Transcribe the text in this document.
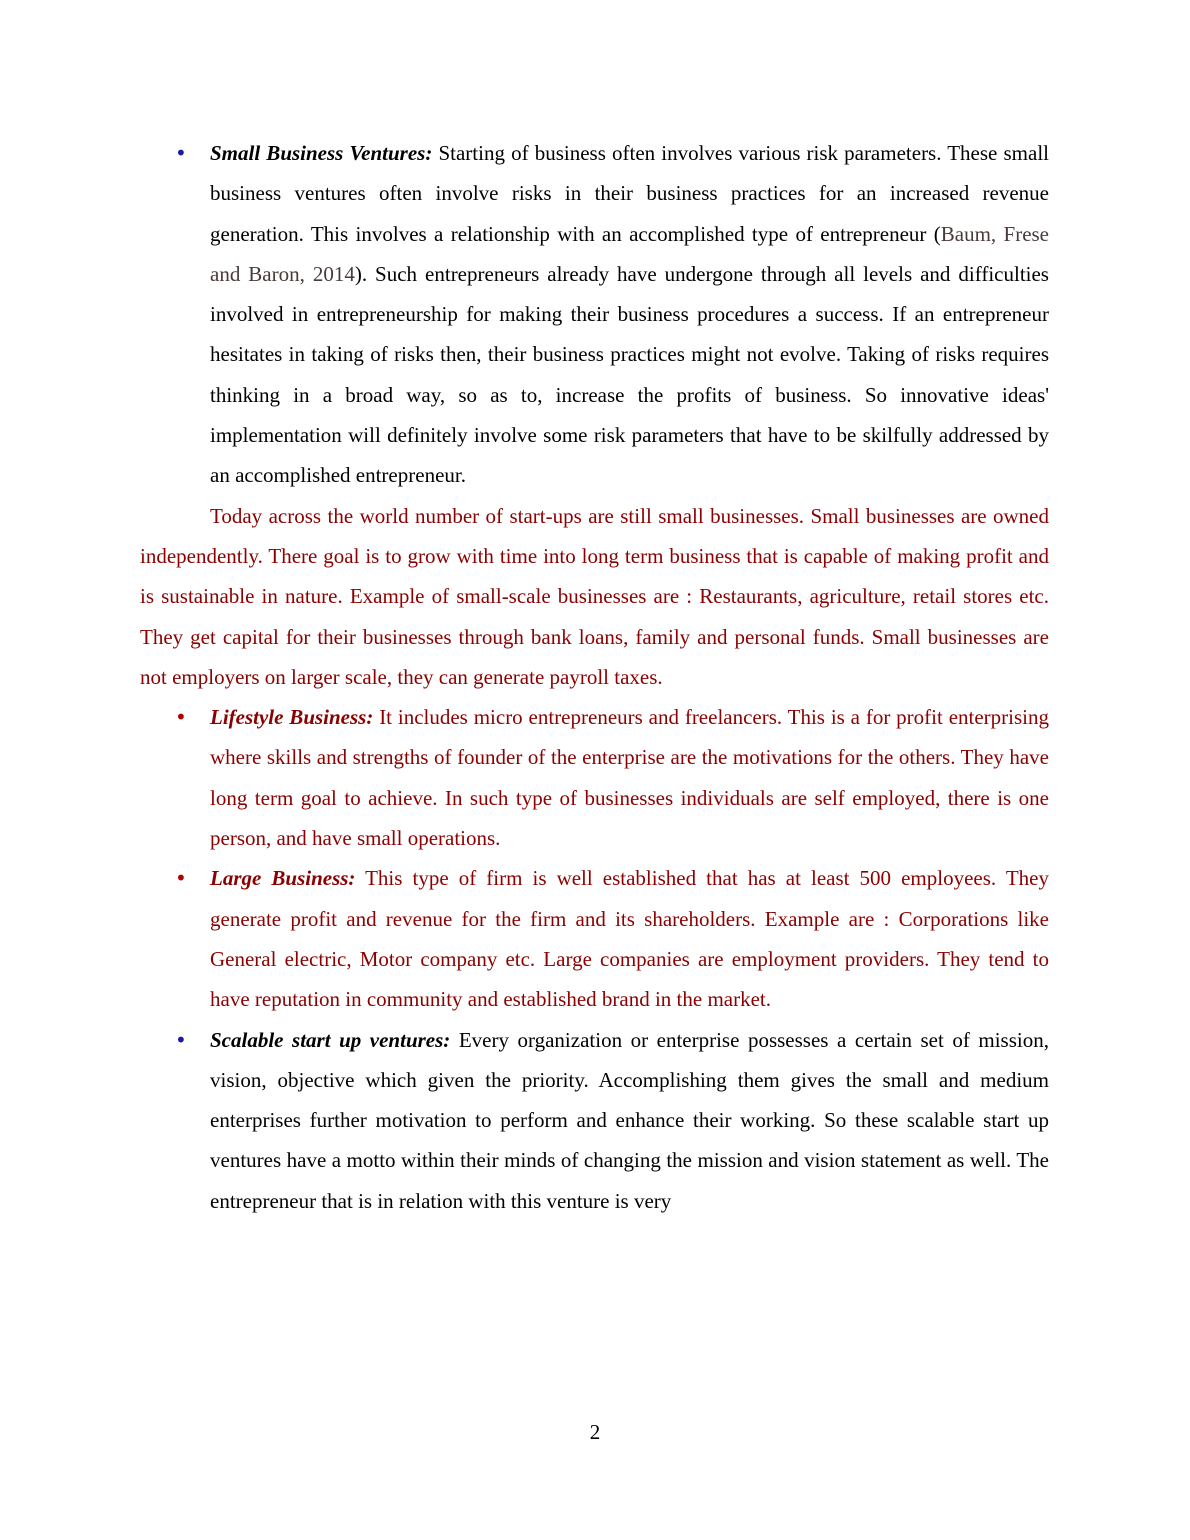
• Small Business Ventures: Starting of business often involves various risk parameters. These small business ventures often involve risks in their business practices for an increased revenue generation. This involves a relationship with an accomplished type of entrepreneur (Baum, Frese and Baron, 2014). Such entrepreneurs already have undergone through all levels and difficulties involved in entrepreneurship for making their business procedures a success. If an entrepreneur hesitates in taking of risks then, their business practices might not evolve. Taking of risks requires thinking in a broad way, so as to, increase the profits of business. So innovative ideas' implementation will definitely involve some risk parameters that have to be skilfully addressed by an accomplished entrepreneur.

Today across the world number of start-ups are still small businesses. Small businesses are owned independently. There goal is to grow with time into long term business that is capable of making profit and is sustainable in nature. Example of small-scale businesses are : Restaurants, agriculture, retail stores etc. They get capital for their businesses through bank loans, family and personal funds. Small businesses are not employers on larger scale, they can generate payroll taxes.

• Lifestyle Business: It includes micro entrepreneurs and freelancers. This is a for profit enterprising where skills and strengths of founder of the enterprise are the motivations for the others. They have long term goal to achieve. In such type of businesses individuals are self employed, there is one person, and have small operations.

• Large Business: This type of firm is well established that has at least 500 employees. They generate profit and revenue for the firm and its shareholders. Example are : Corporations like General electric, Motor company etc. Large companies are employment providers. They tend to have reputation in community and established brand in the market.

• Scalable start up ventures: Every organization or enterprise possesses a certain set of mission, vision, objective which given the priority. Accomplishing them gives the small and medium enterprises further motivation to perform and enhance their working. So these scalable start up ventures have a motto within their minds of changing the mission and vision statement as well. The entrepreneur that is in relation with this venture is very

2
